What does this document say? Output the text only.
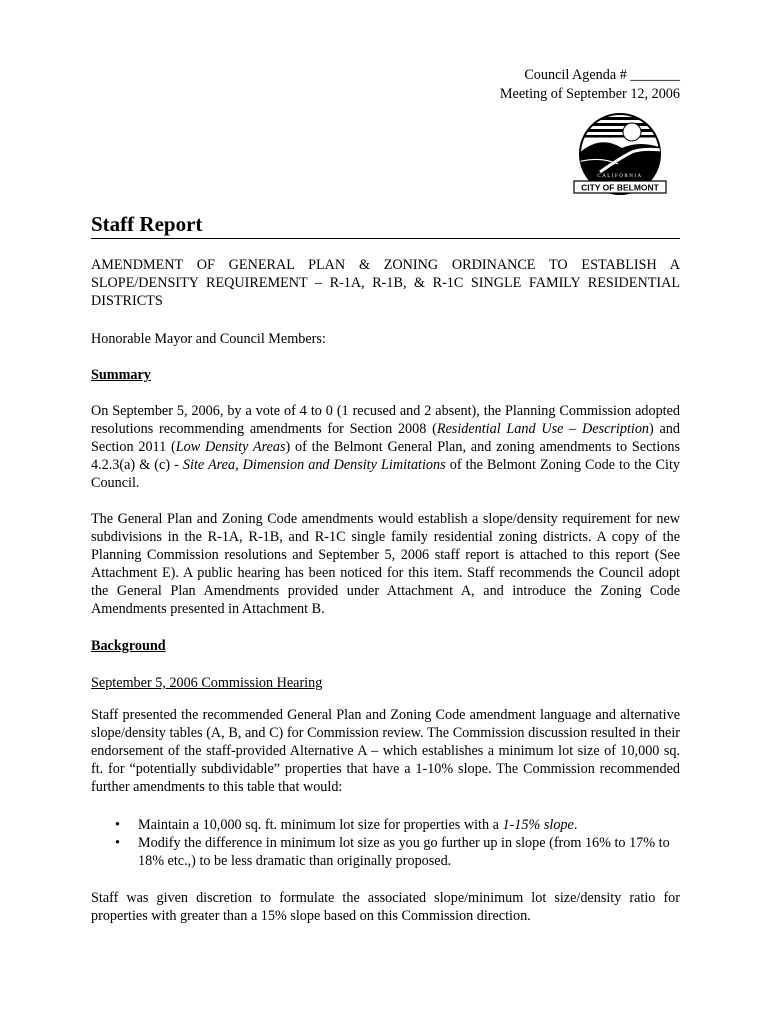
Council Agenda # _______
Meeting of September 12, 2006
CALIFORNIA
CITY OF BELMONT
Staff Report

AMENDMENT OF GENERAL PLAN & ZONING ORDINANCE TO ESTABLISH A SLOPE/DENSITY REQUIREMENT – R-1A, R-1B, & R-1C SINGLE FAMILY RESIDENTIAL DISTRICTS

Honorable Mayor and Council Members:

Summary

On September 5, 2006, by a vote of 4 to 0 (1 recused and 2 absent), the Planning Commission adopted resolutions recommending amendments for Section 2008 (Residential Land Use – Description) and Section 2011 (Low Density Areas) of the Belmont General Plan, and zoning amendments to Sections 4.2.3(a) & (c) - Site Area, Dimension and Density Limitations of the Belmont Zoning Code to the City Council.

The General Plan and Zoning Code amendments would establish a slope/density requirement for new subdivisions in the R-1A, R-1B, and R-1C single family residential zoning districts. A copy of the Planning Commission resolutions and September 5, 2006 staff report is attached to this report (See Attachment E). A public hearing has been noticed for this item. Staff recommends the Council adopt the General Plan Amendments provided under Attachment A, and introduce the Zoning Code Amendments presented in Attachment B.

Background

September 5, 2006 Commission Hearing

Staff presented the recommended General Plan and Zoning Code amendment language and alternative slope/density tables (A, B, and C) for Commission review. The Commission discussion resulted in their endorsement of the staff-provided Alternative A – which establishes a minimum lot size of 10,000 sq. ft. for “potentially subdividable” properties that have a 1-10% slope. The Commission recommended further amendments to this table that would:

• Maintain a 10,000 sq. ft. minimum lot size for properties with a 1-15% slope.
• Modify the difference in minimum lot size as you go further up in slope (from 16% to 17% to 18% etc.,) to be less dramatic than originally proposed.

Staff was given discretion to formulate the associated slope/minimum lot size/density ratio for properties with greater than a 15% slope based on this Commission direction.
